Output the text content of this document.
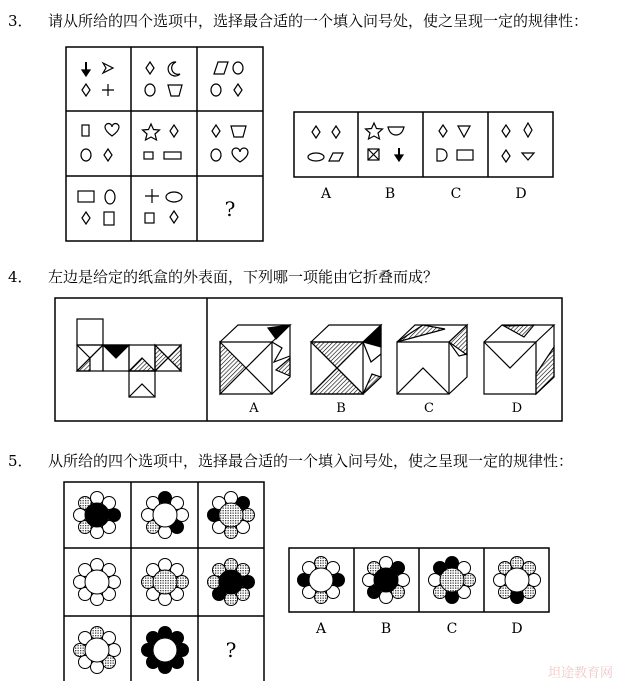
3． 请从所给的四个选项中，选择最合适的一个填入问号处，使之呈现一定的规律性：
4． 左边是给定的纸盒的外表面，下列哪一项能由它折叠而成？
5． 从所给的四个选项中，选择最合适的一个填入问号处，使之呈现一定的规律性：
?
A	B	C	D
A	B	C	D
?
A	B	C	D
坦途教育网
